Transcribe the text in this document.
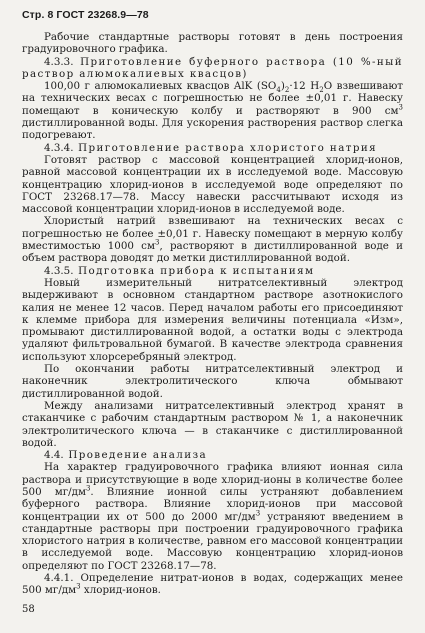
Стр. 8 ГОСТ 23268.9—78

Рабочие стандартные растворы готовят в день построения градуировочного графика.

4.3.3. Приготовление буферного раствора (10 %-ный раствор алюмокалиевых квасцов)

100,00 г алюмокалиевых квасцов AlK $(SO_4)_2\cdot 12$ $H_2O$ взвешивают на технических весах с погрешностью не более ±0,01 г. Навеску помещают в коническую колбу и растворяют в 900 $см^3$ дистиллированной воды. Для ускорения растворения раствор слегка подогревают.

4.3.4. Приготовление раствора хлористого натрия

Готовят раствор с массовой концентрацией хлорид-ионов, равной массовой концентрации их в исследуемой воде. Массовую концентрацию хлорид-ионов в исследуемой воде определяют по ГОСТ 23268.17—78. Массу навески рассчитывают исходя из массовой концентрации хлорид-ионов в исследуемой воде.

Хлористый натрий взвешивают на технических весах с погрешностью не более ±0,01 г. Навеску помещают в мерную колбу вместимостью 1000 $см^3$, растворяют в дистиллированной воде и объем раствора доводят до метки дистиллированной водой.

4.3.5. Подготовка прибора к испытаниям

Новый измерительный нитратселективный электрод выдерживают в основном стандартном растворе азотнокислого калия не менее 12 часов. Перед началом работы его присоединяют к клемме прибора для измерения величины потенциала «Изм», промывают дистиллированной водой, а остатки воды с электрода удаляют фильтровальной бумагой. В качестве электрода сравнения используют хлорсеребряный электрод.

По окончании работы нитратселективный электрод и наконечник электролитического ключа обмывают дистиллированной водой.

Между анализами нитратселективный электрод хранят в стаканчике с рабочим стандартным раствором № 1, а наконечник электролитического ключа — в стаканчике с дистиллированной водой.

4.4. Проведение анализа

На характер градуировочного графика влияют ионная сила раствора и присутствующие в воде хлорид-ионы в количестве более 500 $мг/дм^3$. Влияние ионной силы устраняют добавлением буферного раствора. Влияние хлорид-ионов при массовой концентрации их от 500 до 2000 $мг/дм^3$ устраняют введением в стандартные растворы при построении градуировочного графика хлористого натрия в количестве, равном его массовой концентрации в исследуемой воде. Массовую концентрацию хлорид-ионов определяют по ГОСТ 23268.17—78.

4.4.1. Определение нитрат-ионов в водах, содержащих менее 500 $мг/дм^3$ хлорид-ионов.

58
